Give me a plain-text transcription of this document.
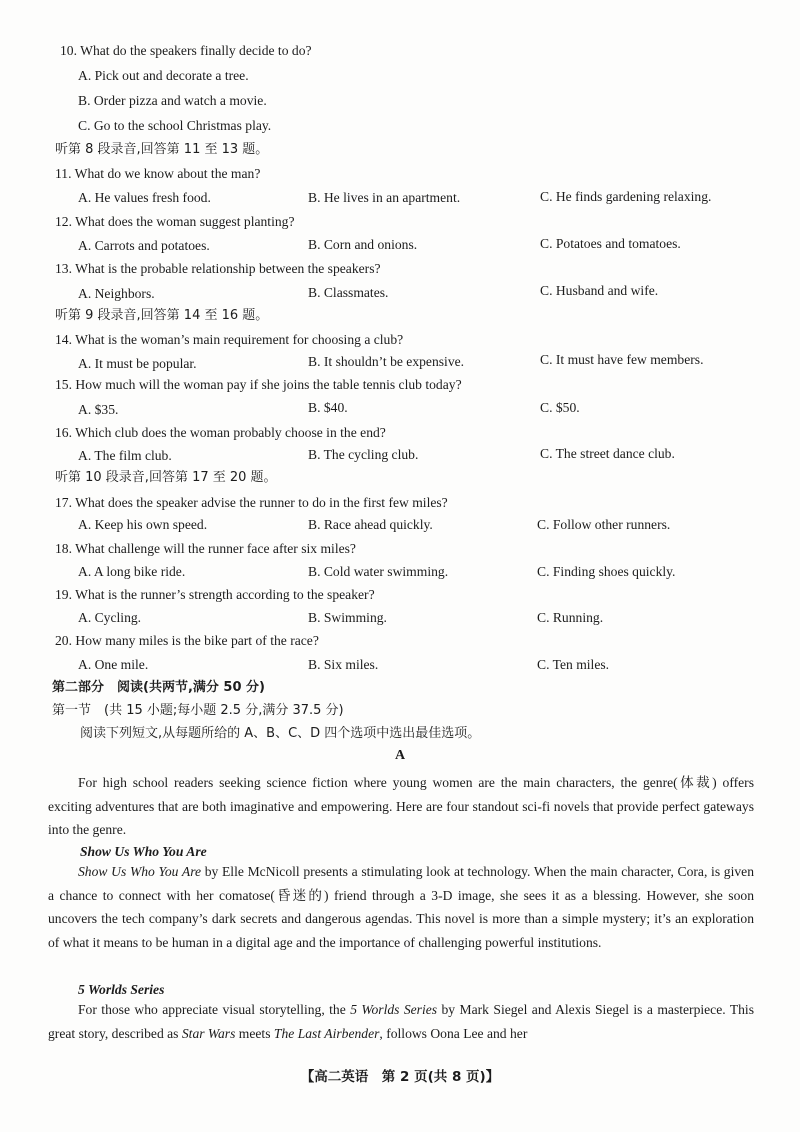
10. What do the speakers finally decide to do?
A. Pick out and decorate a tree.
B. Order pizza and watch a movie.
C. Go to the school Christmas play.
听第 8 段录音,回答第 11 至 13 题。
11. What do we know about the man?
A. He values fresh food.	B. He lives in an apartment.	C. He finds gardening relaxing.
12. What does the woman suggest planting?
A. Carrots and potatoes.	B. Corn and onions.	C. Potatoes and tomatoes.
13. What is the probable relationship between the speakers?
A. Neighbors.	B. Classmates.	C. Husband and wife.
听第 9 段录音,回答第 14 至 16 题。
14. What is the woman’s main requirement for choosing a club?
A. It must be popular.	B. It shouldn’t be expensive.	C. It must have few members.
15. How much will the woman pay if she joins the table tennis club today?
A. $35.	B. $40.	C. $50.
16. Which club does the woman probably choose in the end?
A. The film club.	B. The cycling club.	C. The street dance club.
听第 10 段录音,回答第 17 至 20 题。
17. What does the speaker advise the runner to do in the first few miles?
A. Keep his own speed.	B. Race ahead quickly.	C. Follow other runners.
18. What challenge will the runner face after six miles?
A. A long bike ride.	B. Cold water swimming.	C. Finding shoes quickly.
19. What is the runner’s strength according to the speaker?
A. Cycling.	B. Swimming.	C. Running.
20. How many miles is the bike part of the race?
A. One mile.	B. Six miles.	C. Ten miles.
第二部分　阅读(共两节,满分 50 分)
第一节　(共 15 小题;每小题 2.5 分,满分 37.5 分)
阅读下列短文,从每题所给的 A、B、C、D 四个选项中选出最佳选项。
A
For high school readers seeking science fiction where young women are the main characters, the genre(体裁) offers exciting adventures that are both imaginative and empowering. Here are four standout sci-fi novels that provide perfect gateways into the genre.
Show Us Who You Are
Show Us Who You Are by Elle McNicoll presents a stimulating look at technology. When the main character, Cora, is given a chance to connect with her comatose(昏迷的) friend through a 3-D image, she sees it as a blessing. However, she soon uncovers the tech company’s dark secrets and dangerous agendas. This novel is more than a simple mystery; it’s an exploration of what it means to be human in a digital age and the importance of challenging powerful institutions.
5 Worlds Series
For those who appreciate visual storytelling, the 5 Worlds Series by Mark Siegel and Alexis Siegel is a masterpiece. This great story, described as Star Wars meets The Last Airbender, follows Oona Lee and her
【高二英语　第 2 页(共 8 页)】
